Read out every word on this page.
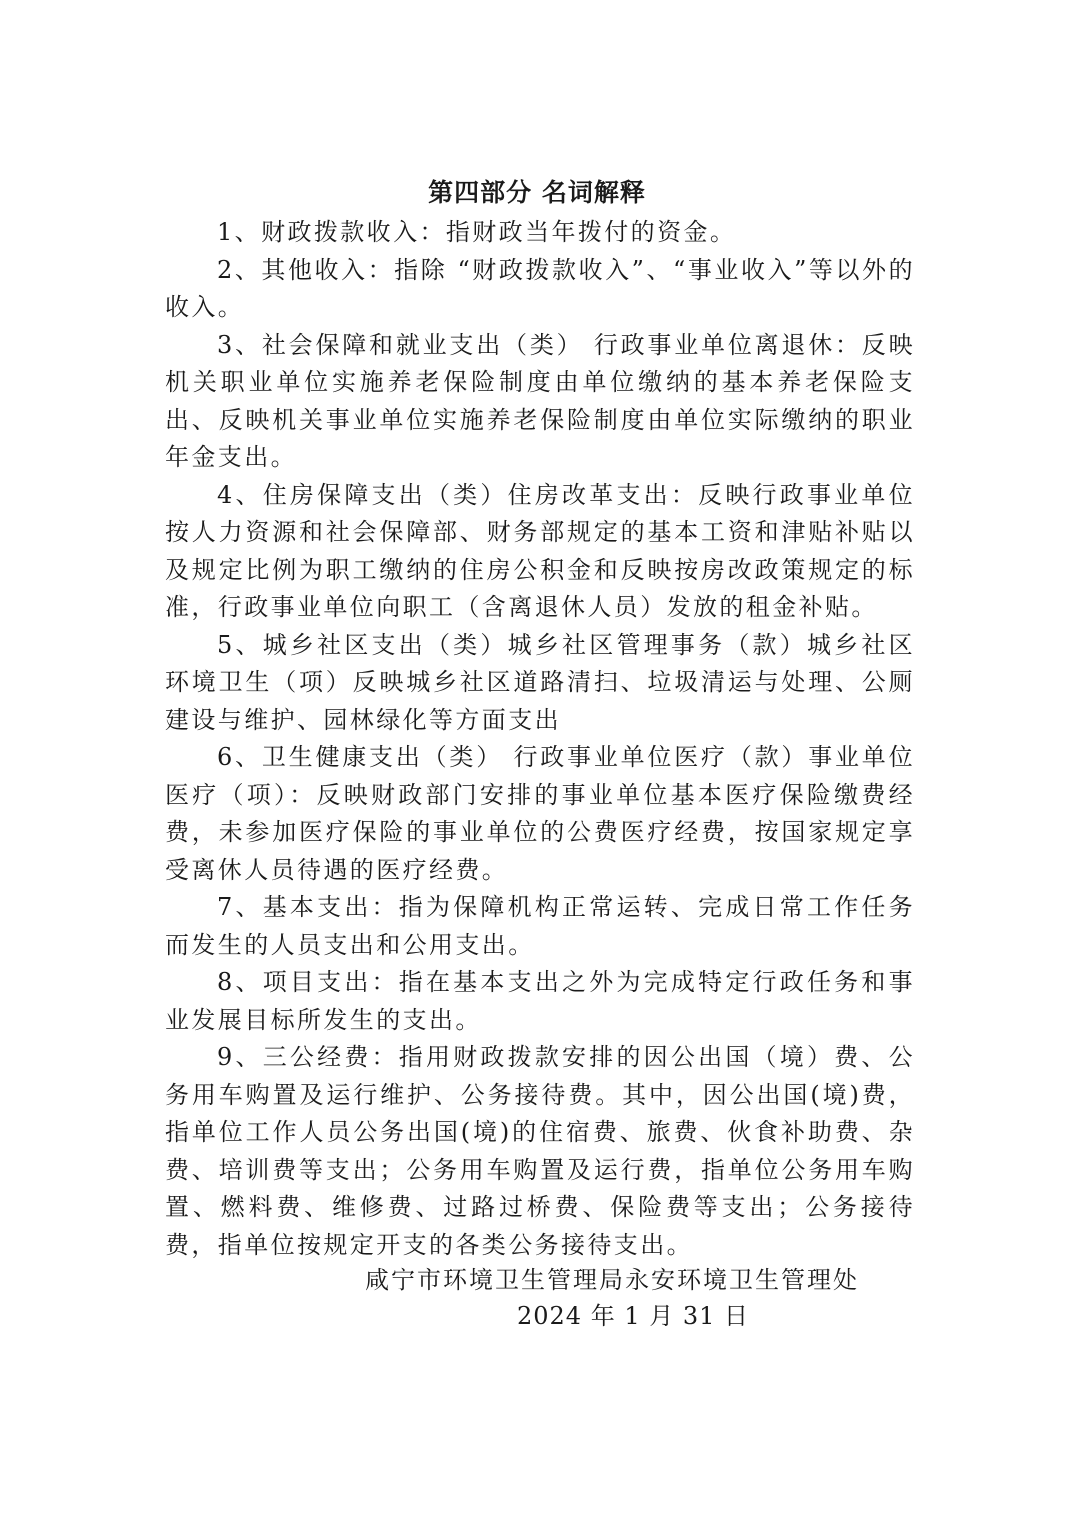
第四部分 名词解释

1、财政拨款收入：指财政当年拨付的资金。

2、其他收入：指除 “财政拨款收入”、“事业收入”等以外的收入。

3、社会保障和就业支出（类） 行政事业单位离退休：反映机关职业单位实施养老保险制度由单位缴纳的基本养老保险支出、反映机关事业单位实施养老保险制度由单位实际缴纳的职业年金支出。

4、住房保障支出（类）住房改革支出：反映行政事业单位按人力资源和社会保障部、财务部规定的基本工资和津贴补贴以及规定比例为职工缴纳的住房公积金和反映按房改政策规定的标准，行政事业单位向职工（含离退休人员）发放的租金补贴。

5、城乡社区支出（类）城乡社区管理事务（款）城乡社区环境卫生（项）反映城乡社区道路清扫、垃圾清运与处理、公厕建设与维护、园林绿化等方面支出

6、卫生健康支出（类） 行政事业单位医疗（款）事业单位医疗（项）：反映财政部门安排的事业单位基本医疗保险缴费经费，未参加医疗保险的事业单位的公费医疗经费，按国家规定享受离休人员待遇的医疗经费。

7、基本支出：指为保障机构正常运转、完成日常工作任务而发生的人员支出和公用支出。

8、项目支出：指在基本支出之外为完成特定行政任务和事业发展目标所发生的支出。

9、三公经费：指用财政拨款安排的因公出国（境）费、公务用车购置及运行维护、公务接待费。其中，因公出国(境)费，指单位工作人员公务出国(境)的住宿费、旅费、伙食补助费、杂费、培训费等支出；公务用车购置及运行费，指单位公务用车购置、燃料费、维修费、过路过桥费、保险费等支出；公务接待费，指单位按规定开支的各类公务接待支出。

咸宁市环境卫生管理局永安环境卫生管理处
2024 年 1 月 31 日
